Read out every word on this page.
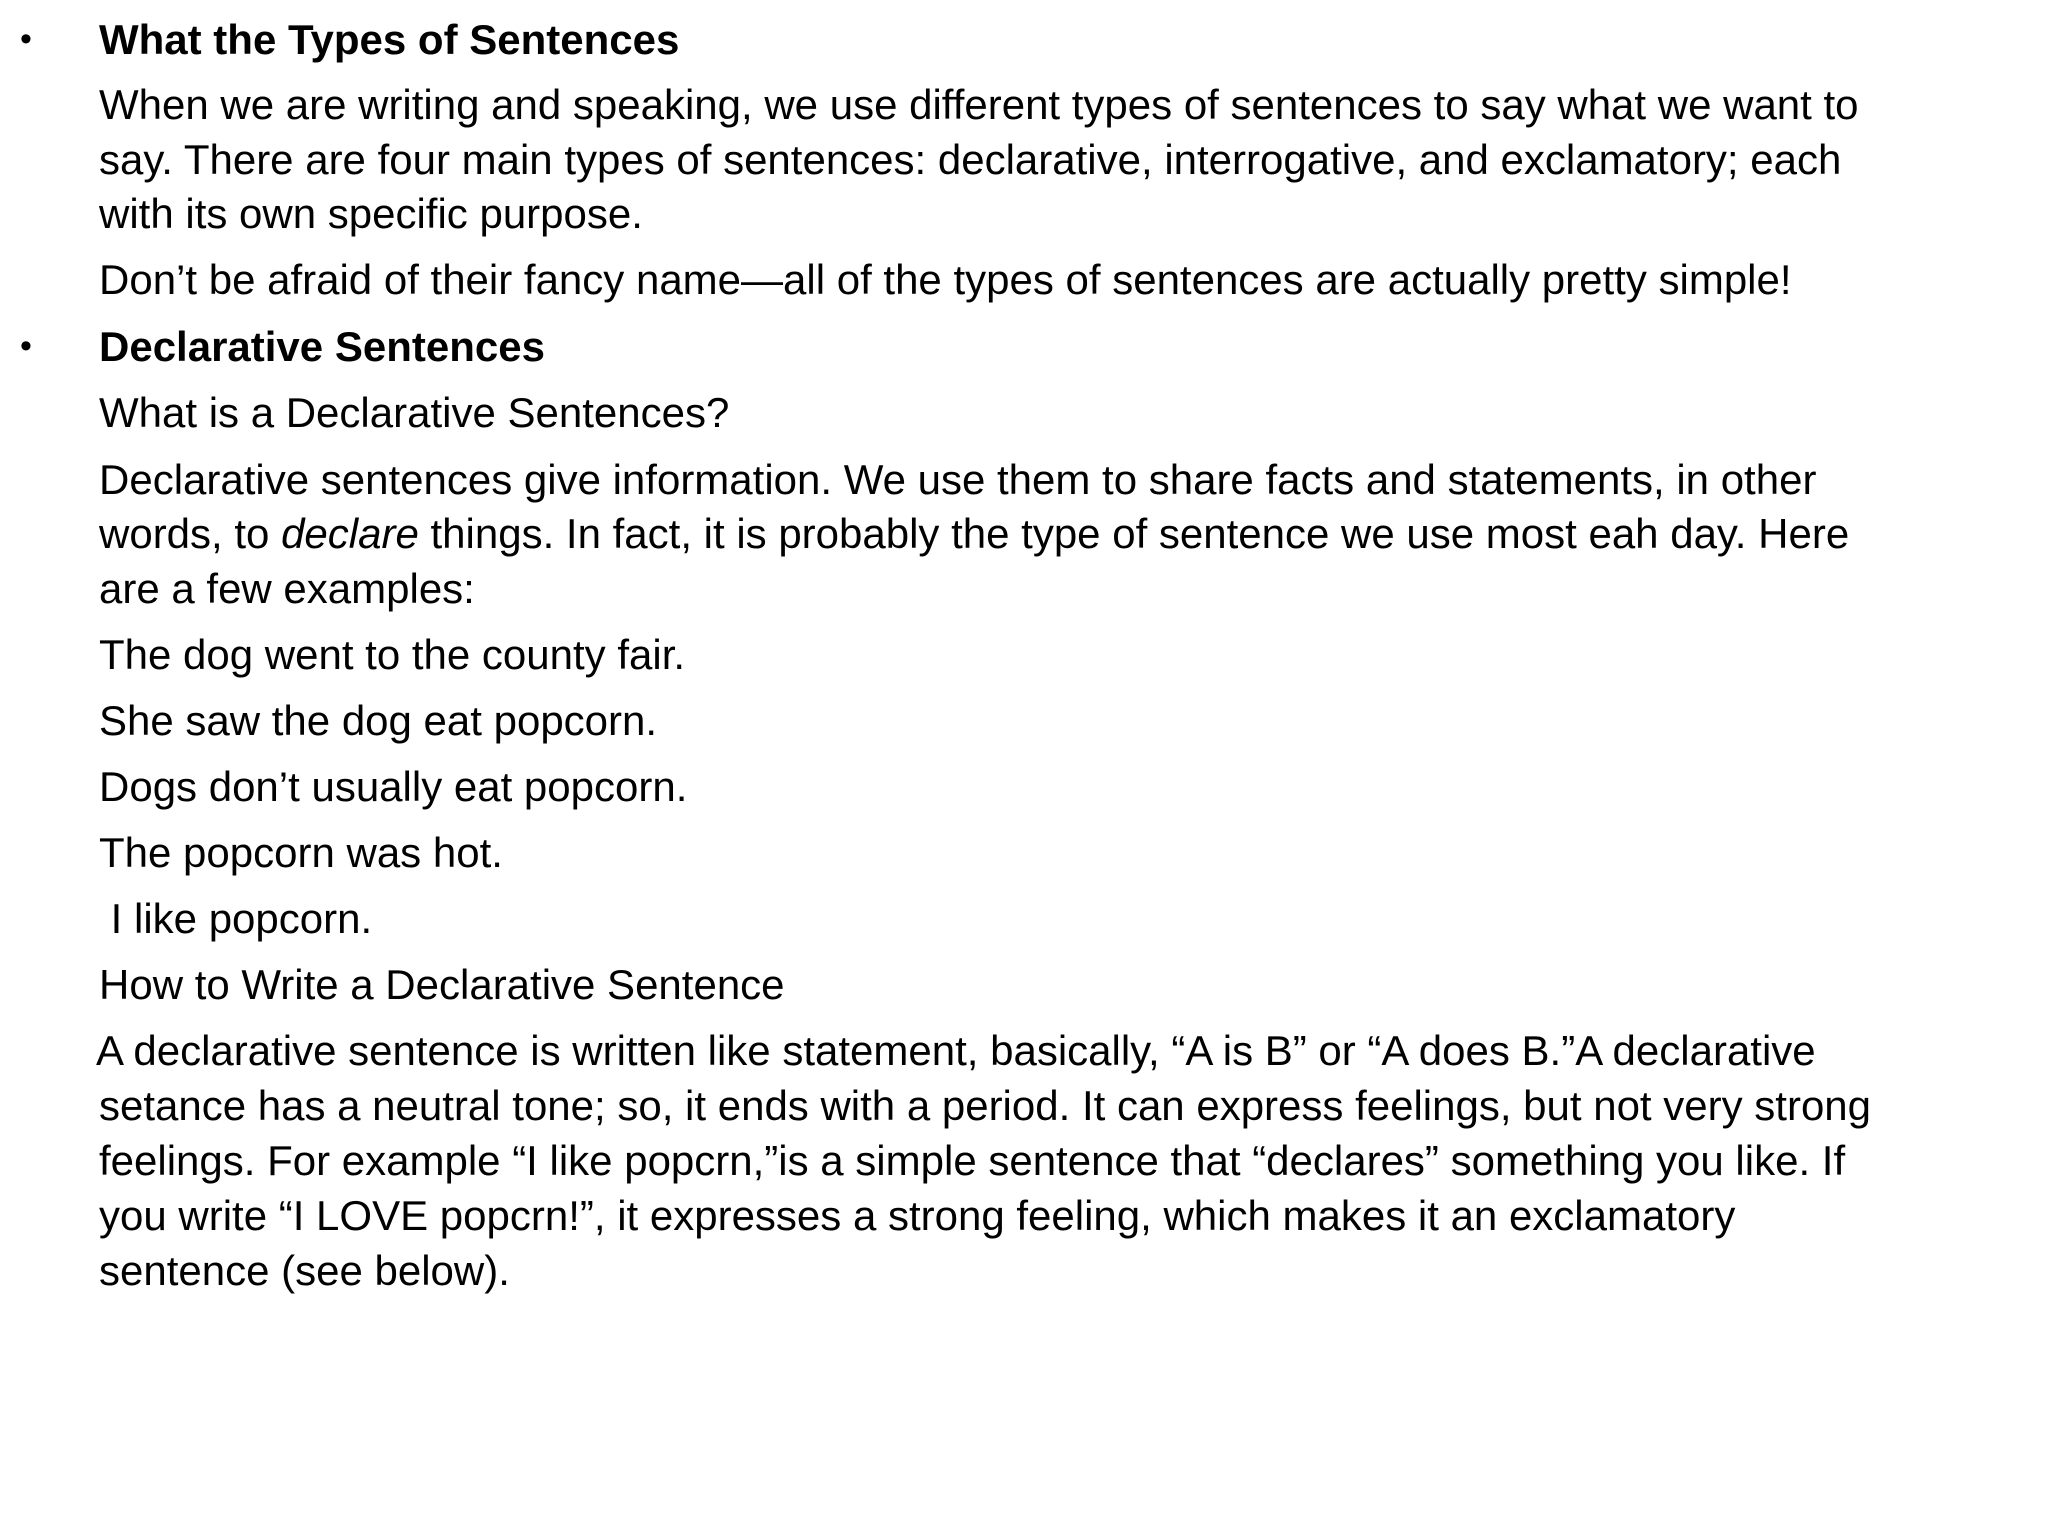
• What the Types of Sentences

When we are writing and speaking, we use different types of sentences to say what we want to

say. There are four main types of sentences: declarative, interrogative, and exclamatory; each

with its own specific purpose.

Don’t be afraid of their fancy name—all of the types of sentences are actually pretty simple!

• Declarative Sentences

What is a Declarative Sentences?

Declarative sentences give information. We use them to share facts and statements, in other

words, to declare things. In fact, it is probably the type of sentence we use most eah day. Here

are a few examples:

The dog went to the county fair.

She saw the dog eat popcorn.

Dogs don’t usually eat popcorn.

The popcorn was hot.

I like popcorn.

How to Write a Declarative Sentence

A declarative sentence is written like statement, basically, “A is B” or “A does B.”A declarative

setance has a neutral tone; so, it ends with a period. It can express feelings, but not very strong

feelings. For example “I like popcrn,”is a simple sentence that “declares” something you like. If

you write “I LOVE popcrn!”, it expresses a strong feeling, which makes it an exclamatory

sentence (see below).
